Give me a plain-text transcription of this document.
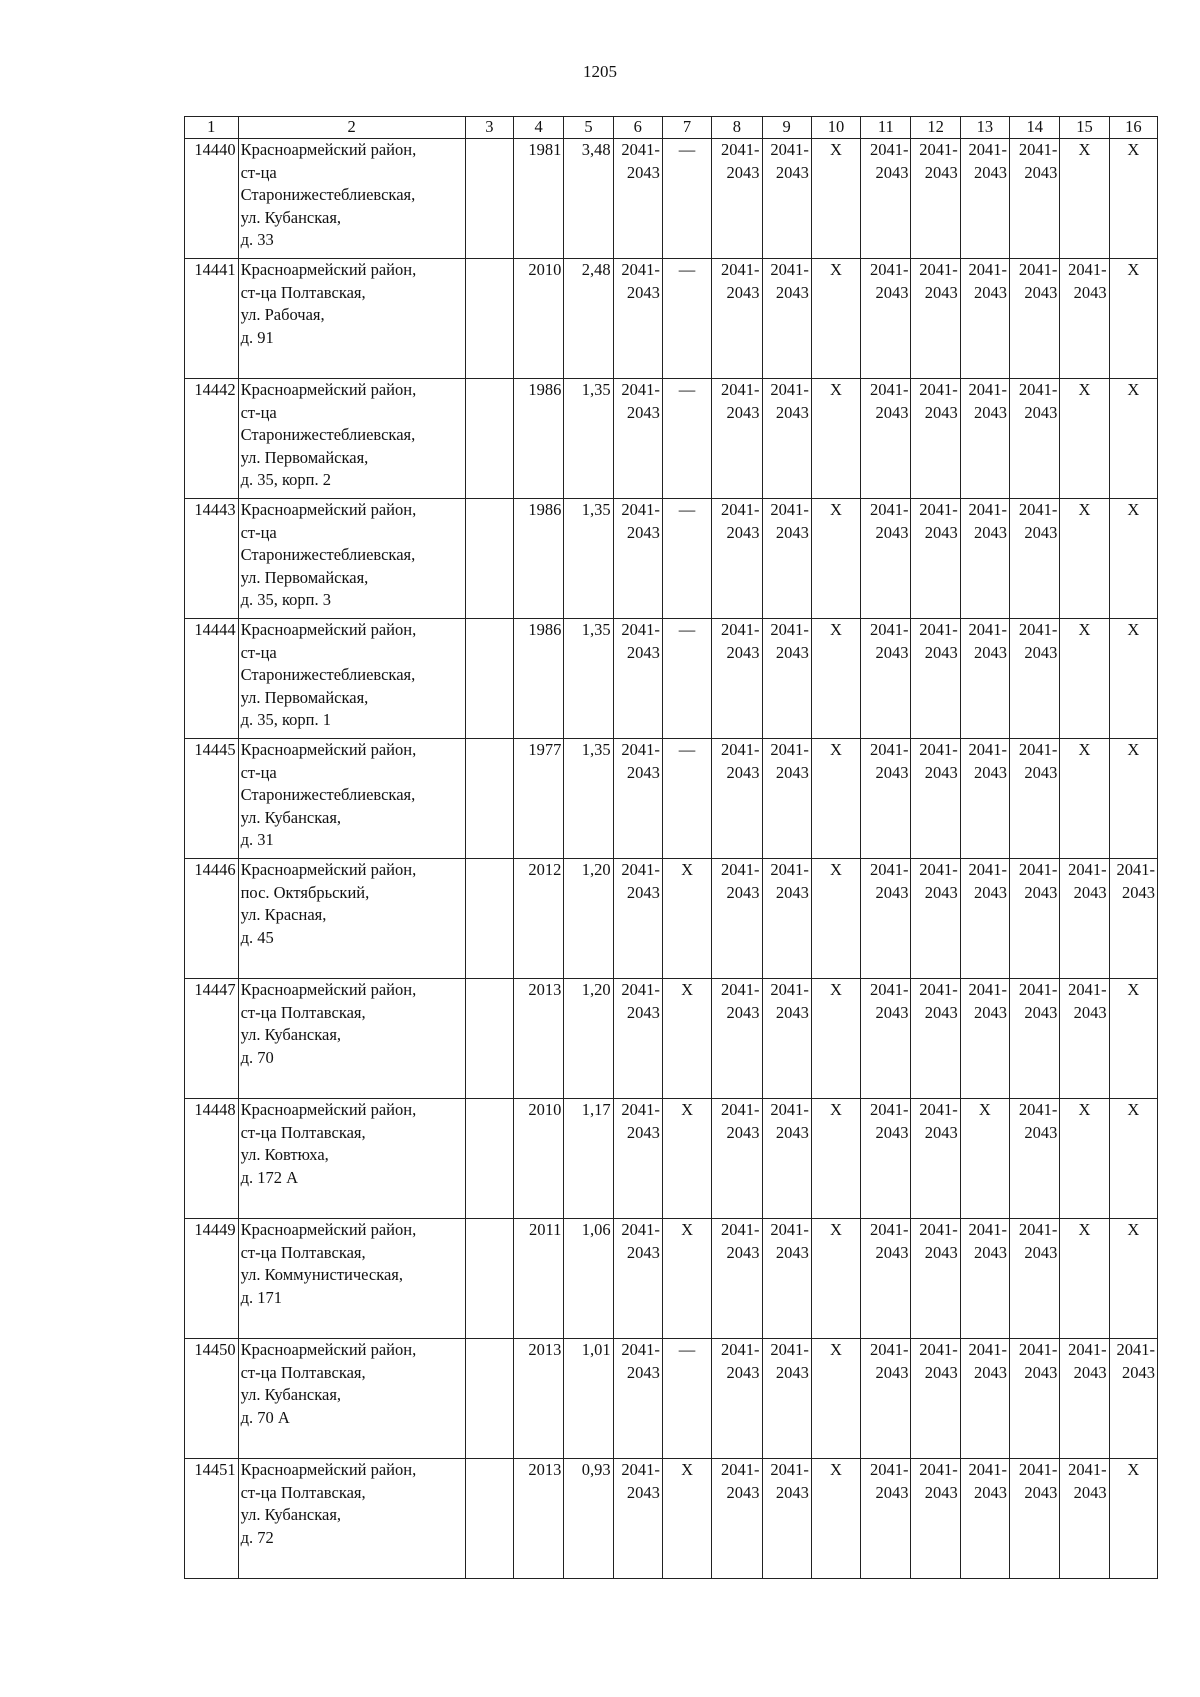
1205
1	2	3	4	5	6	7	8	9	10	11	12	13	14	15	16
14440	Красноармейский район,
ст-ца
Старонижестеблиевская,
ул. Кубанская,
д. 33		1981	3,48	2041-
2043	—	2041-
2043	2041-
2043	X	2041-
2043	2041-
2043	2041-
2043	2041-
2043	X	X
14441	Красноармейский район,
ст-ца Полтавская,
ул. Рабочая,
д. 91		2010	2,48	2041-
2043	—	2041-
2043	2041-
2043	X	2041-
2043	2041-
2043	2041-
2043	2041-
2043	2041-
2043	X
14442	Красноармейский район,
ст-ца
Старонижестеблиевская,
ул. Первомайская,
д. 35, корп. 2		1986	1,35	2041-
2043	—	2041-
2043	2041-
2043	X	2041-
2043	2041-
2043	2041-
2043	2041-
2043	X	X
14443	Красноармейский район,
ст-ца
Старонижестеблиевская,
ул. Первомайская,
д. 35, корп. 3		1986	1,35	2041-
2043	—	2041-
2043	2041-
2043	X	2041-
2043	2041-
2043	2041-
2043	2041-
2043	X	X
14444	Красноармейский район,
ст-ца
Старонижестеблиевская,
ул. Первомайская,
д. 35, корп. 1		1986	1,35	2041-
2043	—	2041-
2043	2041-
2043	X	2041-
2043	2041-
2043	2041-
2043	2041-
2043	X	X
14445	Красноармейский район,
ст-ца
Старонижестеблиевская,
ул. Кубанская,
д. 31		1977	1,35	2041-
2043	—	2041-
2043	2041-
2043	X	2041-
2043	2041-
2043	2041-
2043	2041-
2043	X	X
14446	Красноармейский район,
пос. Октябрьский,
ул. Красная,
д. 45		2012	1,20	2041-
2043	X	2041-
2043	2041-
2043	X	2041-
2043	2041-
2043	2041-
2043	2041-
2043	2041-
2043	2041-
2043

14447	Красноармейский район,
ст-ца Полтавская,
ул. Кубанская,
д. 70		2013	1,20	2041-
2043	X	2041-
2043	2041-
2043	X	2041-
2043	2041-
2043	2041-
2043	2041-
2043	2041-
2043	X
14448	Красноармейский район,
ст-ца Полтавская,
ул. Ковтюха,
д. 172 А		2010	1,17	2041-
2043	X	2041-
2043	2041-
2043	X	2041-
2043	2041-
2043	X	2041-
2043	X	X
14449	Красноармейский район,
ст-ца Полтавская,
ул. Коммунистическая,
д. 171		2011	1,06	2041-
2043	X	2041-
2043	2041-
2043	X	2041-
2043	2041-
2043	2041-
2043	2041-
2043	X	X
14450	Красноармейский район,
ст-ца Полтавская,
ул. Кубанская,
д. 70 А		2013	1,01	2041-
2043	—	2041-
2043	2041-
2043	X	2041-
2043	2041-
2043	2041-
2043	2041-
2043	2041-
2043	2041-
2043

14451	Красноармейский район,
ст-ца Полтавская,
ул. Кубанская,
д. 72		2013	0,93	2041-
2043	X	2041-
2043	2041-
2043	X	2041-
2043	2041-
2043	2041-
2043	2041-
2043	2041-
2043	X
